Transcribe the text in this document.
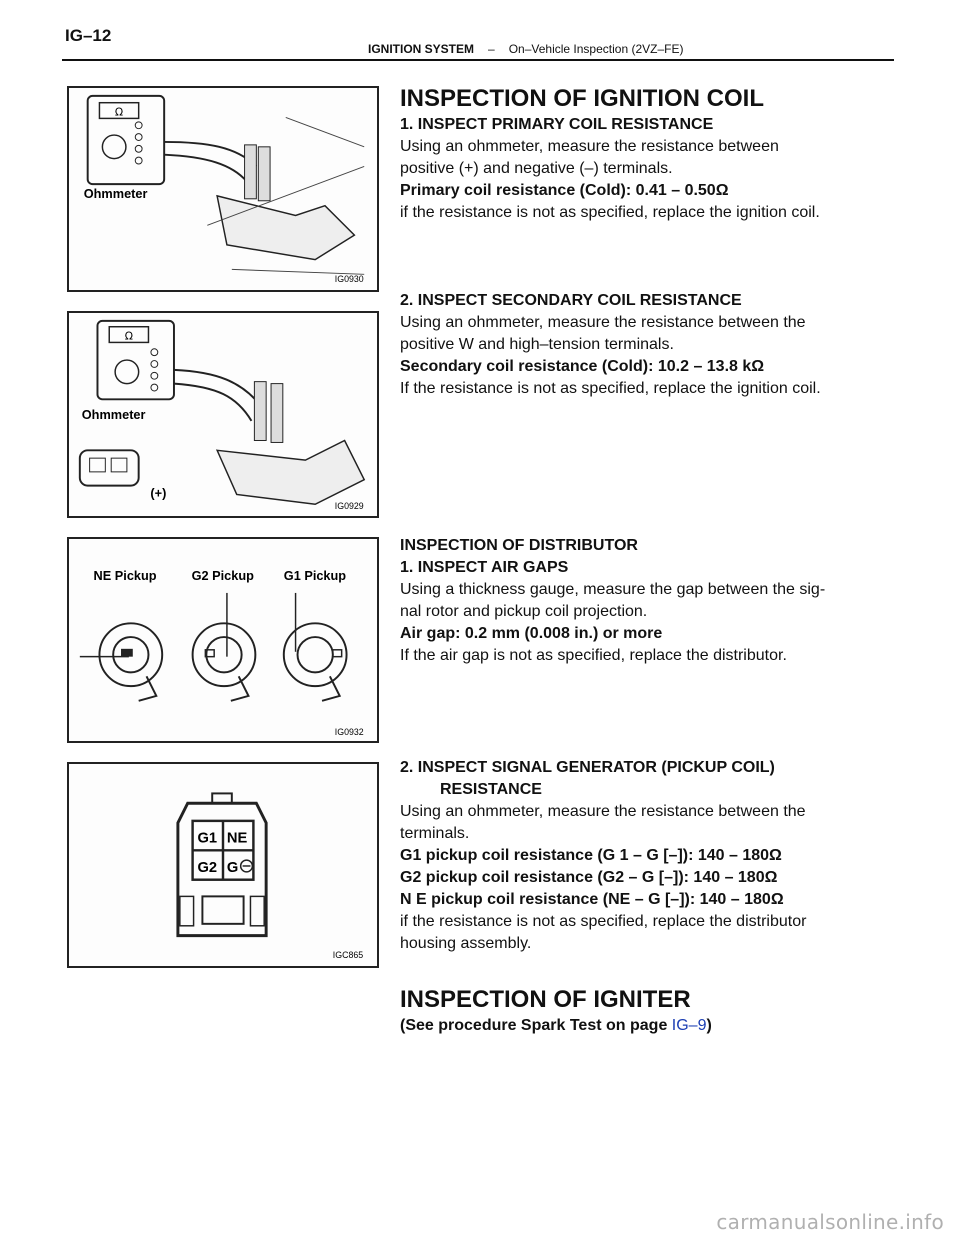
IG–12
IGNITION SYSTEM – On–Vehicle Inspection (2VZ–FE)
Ω
Ohmmeter
IG0930
Ω
Ohmmeter
(+)
IG0929
NE Pickup	G2 Pickup G1 Pickup
IG0932
G1 NE
G2 G
IGC865

INSPECTION OF IGNITION COIL

1. INSPECT PRIMARY COIL RESISTANCE

Using an ohmmeter, measure the resistance between

positive (+) and negative (–) terminals.

Primary coil resistance (Cold): 0.41 – 0.50Ω

if the resistance is not as specified, replace the ignition coil.

2. INSPECT SECONDARY COIL RESISTANCE

Using an ohmmeter, measure the resistance between the

positive W and high–tension terminals.

Secondary coil resistance (Cold): 10.2 – 13.8 kΩ

If the resistance is not as specified, replace the ignition coil.

INSPECTION OF DISTRIBUTOR

1. INSPECT AIR GAPS

Using a thickness gauge, measure the gap between the sig-

nal rotor and pickup coil projection.

Air gap: 0.2 mm (0.008 in.) or more

If the air gap is not as specified, replace the distributor.

2. INSPECT SIGNAL GENERATOR (PICKUP COIL)

RESISTANCE

Using an ohmmeter, measure the resistance between the

terminals.

G1 pickup coil resistance (G 1 – G [–]): 140 – 180Ω

G2 pickup coil resistance (G2 – G [–]): 140 – 180Ω

N E pickup coil resistance (NE – G [–]): 140 – 180Ω

if the resistance is not as specified, replace the distributor

housing assembly.

INSPECTION OF IGNITER

(See procedure Spark Test on page IG–9)

carmanualsonline.info
